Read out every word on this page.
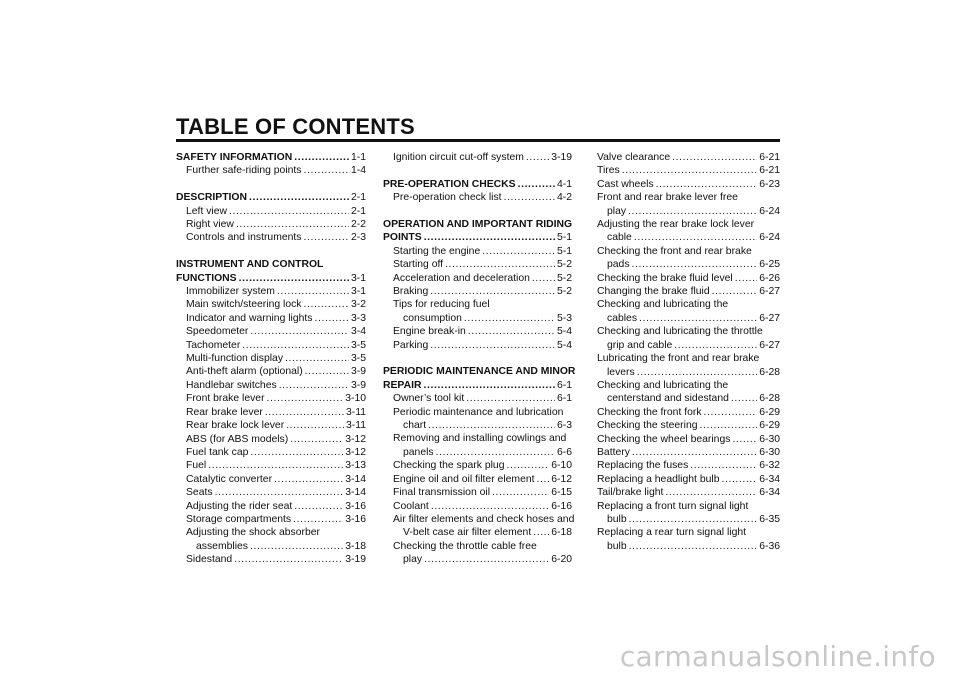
TABLE OF CONTENTS
SAFETY INFORMATION .....	1-1
Further safe-riding points .....	1-4
DESCRIPTION .....	2-1
Left view .....	2-1
Right view .....	2-2
Controls and instruments .....	2-3
INSTRUMENT AND CONTROL
FUNCTIONS .....	3-1
Immobilizer system .....	3-1
Main switch/steering lock .....	3-2
Indicator and warning lights .....	3-3
Speedometer .....	3-4
Tachometer .....	3-5
Multi-function display .....	3-5
Anti-theft alarm (optional) .....	3-9
Handlebar switches .....	3-9
Front brake lever .....	3-10
Rear brake lever .....	3-11
Rear brake lock lever .....	3-11
ABS (for ABS models) .....	3-12
Fuel tank cap .....	3-12
Fuel .....	3-13
Catalytic converter .....	3-14
Seats .....	3-14
Adjusting the rider seat .....	3-16
Storage compartments .....	3-16
Adjusting the shock absorber
assemblies .....	3-18
Sidestand .....	3-19
Ignition circuit cut-off system .....	3-19
PRE-OPERATION CHECKS .....	4-1
Pre-operation check list .....	4-2
OPERATION AND IMPORTANT RIDING
POINTS .....	5-1
Starting the engine .....	5-1
Starting off .....	5-2
Acceleration and deceleration .....	5-2
Braking .....	5-2
Tips for reducing fuel
consumption .....	5-3
Engine break-in .....	5-4
Parking .....	5-4
PERIODIC MAINTENANCE AND MINOR
REPAIR .....	6-1
Owner’s tool kit .....	6-1
Periodic maintenance and lubrication
chart .....	6-3
Removing and installing cowlings and
panels .....	6-6
Checking the spark plug .....	6-10
Engine oil and oil filter element ..... 6-12
Final transmission oil .....	6-15
Coolant .....	6-16
Air filter elements and check hoses and
V-belt case air filter element ..... 6-18
Checking the throttle cable free
play .....	6-20
Valve clearance .....	6-21
Tires .....	6-21
Cast wheels .....	6-23
Front and rear brake lever free
play .....	6-24
Adjusting the rear brake lock lever
cable .....	6-24
Checking the front and rear brake
pads .....	6-25
Checking the brake fluid level .....	6-26
Changing the brake fluid .....	6-27
Checking and lubricating the
cables .....	6-27
Checking and lubricating the throttle
grip and cable .....	6-27
Lubricating the front and rear brake
levers .....	6-28
Checking and lubricating the
centerstand and sidestand .....	6-28
Checking the front fork .....	6-29
Checking the steering .....	6-29
Checking the wheel bearings .....	6-30
Battery .....	6-30
Replacing the fuses .....	6-32
Replacing a headlight bulb .....	6-34
Tail/brake light .....	6-34
Replacing a front turn signal light
bulb .....	6-35
Replacing a rear turn signal light
bulb .....	6-36
carmanualsonline.info
